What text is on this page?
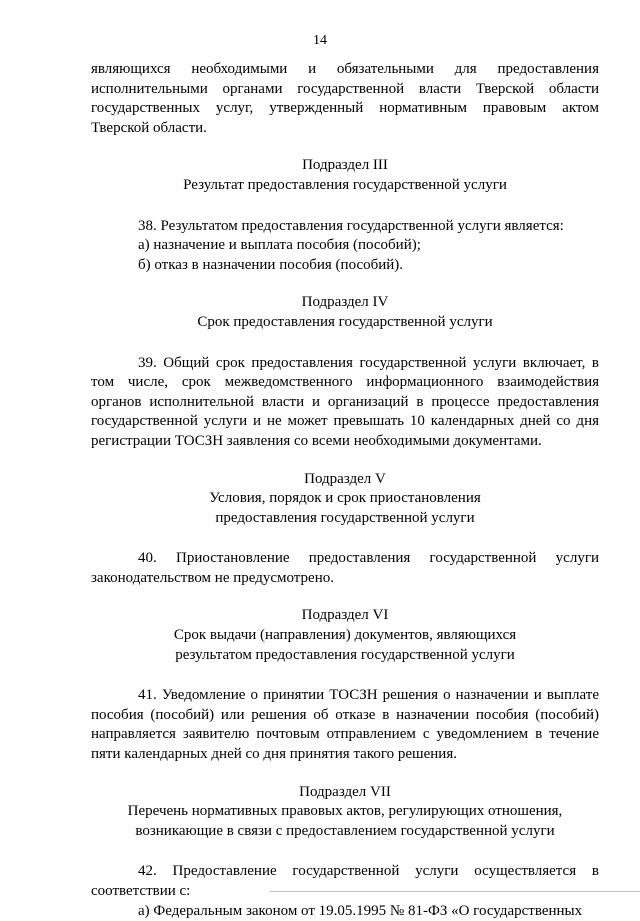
14

являющихся необходимыми и обязательными для предоставления исполнительными органами государственной власти Тверской области государственных услуг, утвержденный нормативным правовым актом Тверской области.

Подраздел III

Результат предоставления государственной услуги

38. Результатом предоставления государственной услуги является:

а) назначение и выплата пособия (пособий);

б) отказ в назначении пособия (пособий).

Подраздел IV

Срок предоставления государственной услуги

39. Общий срок предоставления государственной услуги включает, в том числе, срок межведомственного информационного взаимодействия органов исполнительной власти и организаций в процессе предоставления государственной услуги и не может превышать 10 календарных дней со дня регистрации ТОСЗН заявления со всеми необходимыми документами.

Подраздел V

Условия, порядок и срок приостановления

предоставления государственной услуги

40. Приостановление предоставления государственной услуги законодательством не предусмотрено.

Подраздел VI

Срок выдачи (направления) документов, являющихся

результатом предоставления государственной услуги

41. Уведомление о принятии ТОСЗН решения о назначении и выплате пособия (пособий) или решения об отказе в назначении пособия (пособий) направляется заявителю почтовым отправлением с уведомлением в течение пяти календарных дней со дня принятия такого решения.

Подраздел VII

Перечень нормативных правовых актов, регулирующих отношения,

возникающие в связи с предоставлением государственной услуги

42. Предоставление государственной услуги осуществляется в соответствии с:

а) Федеральным законом от 19.05.1995 № 81-ФЗ «О государственных
